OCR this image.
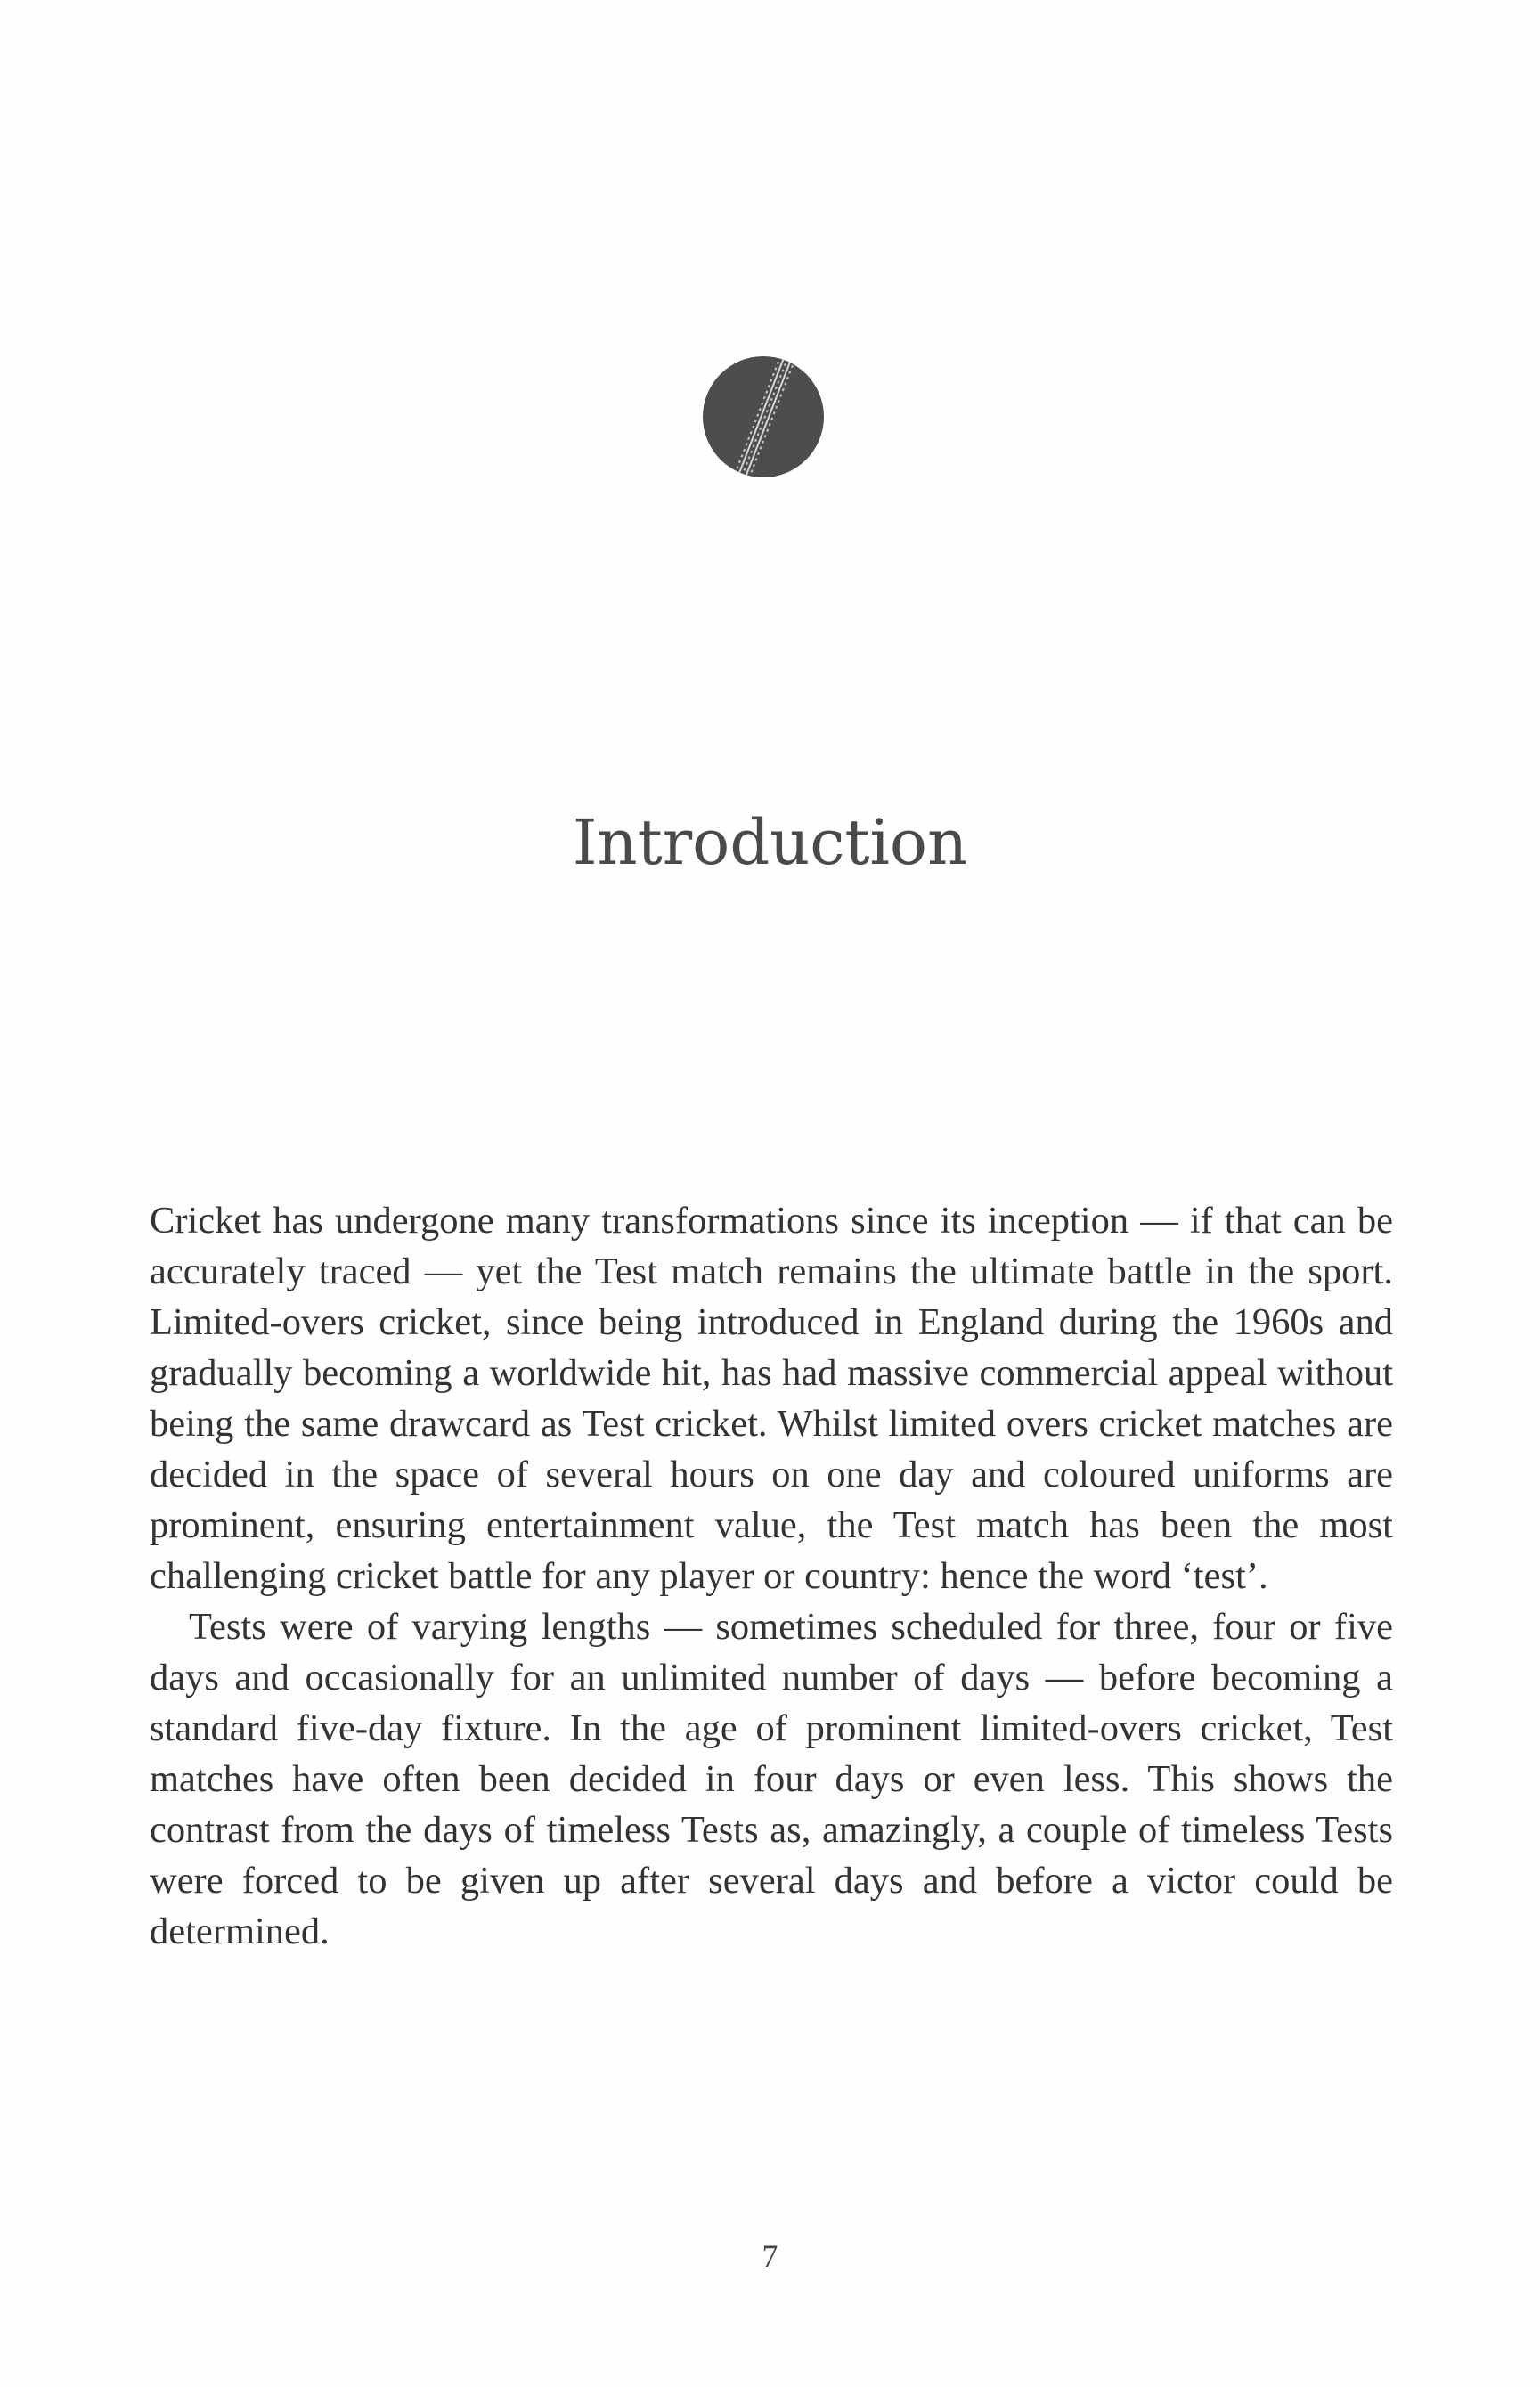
Introduction

Cricket has undergone many transformations since its inception — if that can be accurately traced — yet the Test match remains the ultimate battle in the sport. Limited-overs cricket, since being introduced in England during the 1960s and gradually becoming a worldwide hit, has had massive commercial appeal without being the same drawcard as Test cricket. Whilst limited overs cricket matches are decided in the space of several hours on one day and coloured uniforms are prominent, ensuring entertainment value, the Test match has been the most challenging cricket battle for any player or country: hence the word ‘test’.

Tests were of varying lengths — sometimes scheduled for three, four or five days and occasionally for an unlimited number of days — before becoming a standard five-day fixture. In the age of prominent limited-overs cricket, Test matches have often been decided in four days or even less. This shows the contrast from the days of timeless Tests as, amazingly, a couple of timeless Tests were forced to be given up after several days and before a victor could be determined.

7
